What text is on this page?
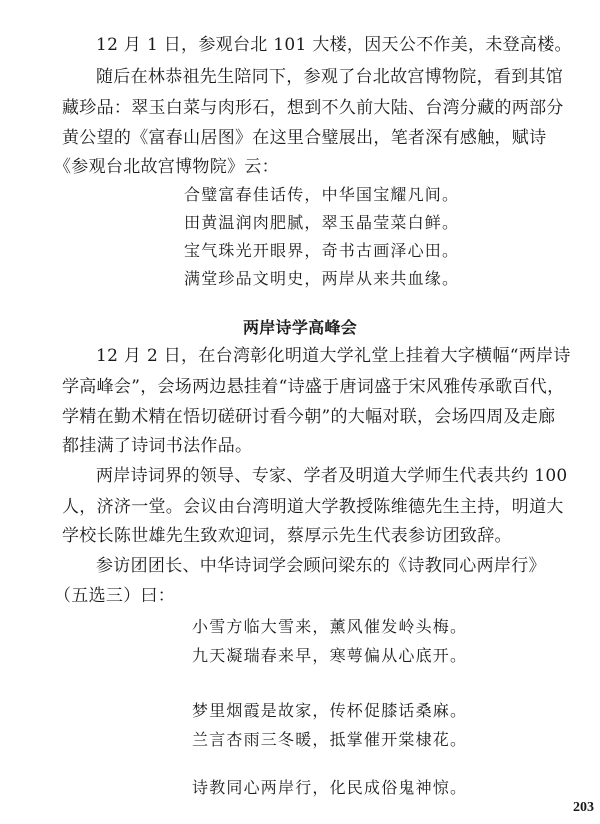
12 月 1 日，参观台北 101 大楼，因天公不作美，未登高楼。
随后在林恭祖先生陪同下，参观了台北故宫博物院，看到其馆
藏珍品：翠玉白菜与肉形石，想到不久前大陆、台湾分藏的两部分
黄公望的《富春山居图》在这里合璧展出，笔者深有感触，赋诗
《参观台北故宫博物院》云：
合璧富春佳话传，中华国宝耀凡间。
田黄温润肉肥腻，翠玉晶莹菜白鲜。
宝气珠光开眼界，奇书古画泽心田。
满堂珍品文明史，两岸从来共血缘。
两岸诗学高峰会
12 月 2 日，在台湾彰化明道大学礼堂上挂着大字横幅“两岸诗
学高峰会”，会场两边悬挂着“诗盛于唐词盛于宋风雅传承歌百代，
学精在勤术精在悟切磋研讨看今朝”的大幅对联，会场四周及走廊
都挂满了诗词书法作品。
两岸诗词界的领导、专家、学者及明道大学师生代表共约 100
人，济济一堂。会议由台湾明道大学教授陈维德先生主持，明道大
学校长陈世雄先生致欢迎词，蔡厚示先生代表参访团致辞。
参访团团长、中华诗词学会顾问梁东的《诗教同心两岸行》
（五选三）曰：
小雪方临大雪来，薰风催发岭头梅。
九天凝瑞春来早，寒萼偏从心底开。
梦里烟霞是故家，传杯促膝话桑麻。
兰言杏雨三冬暖，抵掌催开棠棣花。
诗教同心两岸行，化民成俗鬼神惊。
203
